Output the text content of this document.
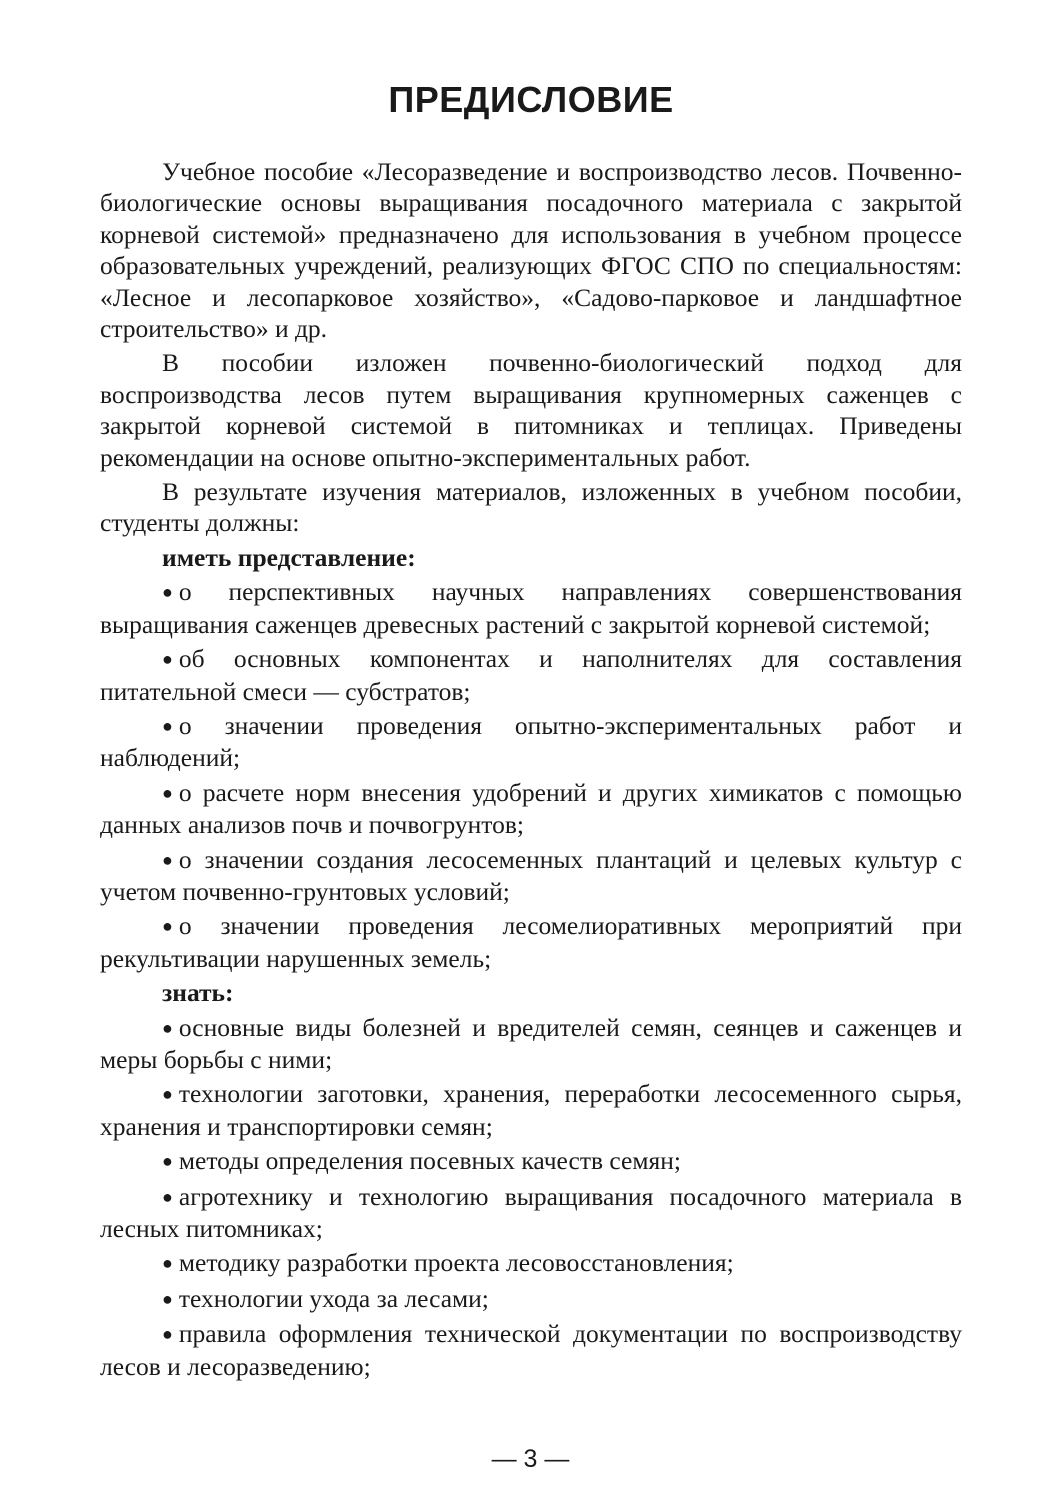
ПРЕДИСЛОВИЕ

Учебное пособие «Лесоразведение и воспроизводство лесов. Почвенно-биологические основы выращивания посадочного материала с закрытой корневой системой» предназначено для использования в учебном процессе образовательных учреждений, реализующих ФГОС СПО по специальностям: «Лесное и лесопарковое хозяйство», «Садово-парковое и ландшафтное строительство» и др.

В пособии изложен почвенно-биологический подход для воспроизводства лесов путем выращивания крупномерных саженцев с закрытой корневой системой в питомниках и теплицах. Приведены рекомендации на основе опытно-экспериментальных работ.

В результате изучения материалов, изложенных в учебном пособии, студенты должны:

иметь представление:

● о перспективных научных направлениях совершенствования выращивания саженцев древесных растений с закрытой корневой системой;

● об основных компонентах и наполнителях для составления питательной смеси — субстратов;

● о значении проведения опытно-экспериментальных работ и наблюдений;

● о расчете норм внесения удобрений и других химикатов с помощью данных анализов почв и почвогрунтов;

● о значении создания лесосеменных плантаций и целевых культур с учетом почвенно-грунтовых условий;

● о значении проведения лесомелиоративных мероприятий при рекультивации нарушенных земель;

знать:

● основные виды болезней и вредителей семян, сеянцев и саженцев и меры борьбы с ними;

● технологии заготовки, хранения, переработки лесосеменного сырья, хранения и транспортировки семян;

● методы определения посевных качеств семян;

● агротехнику и технологию выращивания посадочного материала в лесных питомниках;

● методику разработки проекта лесовосстановления;

● технологии ухода за лесами;

● правила оформления технической документации по воспроизводству лесов и лесоразведению;

— 3 —
